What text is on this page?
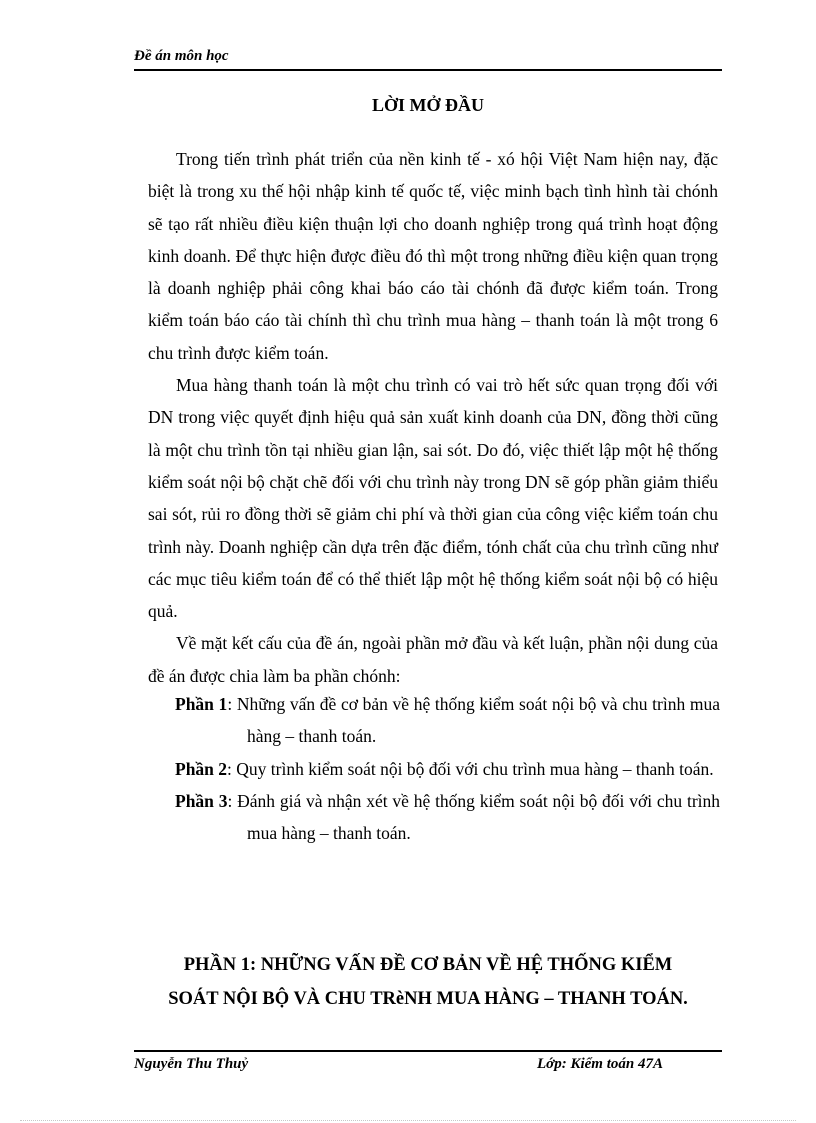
Đề án môn học
LỜI MỞ ĐẦU

Trong tiến trình phát triển của nền kinh tế - xó hội Việt Nam hiện nay, đặc biệt là trong xu thế hội nhập kinh tế quốc tế, việc minh bạch tình hình tài chónh sẽ tạo rất nhiều điều kiện thuận lợi cho doanh nghiệp trong quá trình hoạt động kinh doanh. Để thực hiện được điều đó thì một trong những điều kiện quan trọng là doanh nghiệp phải công khai báo cáo tài chónh đã được kiểm toán. Trong kiểm toán báo cáo tài chính thì chu trình mua hàng – thanh toán là một trong 6 chu trình được kiểm toán.

Mua hàng thanh toán là một chu trình có vai trò hết sức quan trọng đối với DN trong việc quyết định hiệu quả sản xuất kinh doanh của DN, đồng thời cũng là một chu trình tồn tại nhiều gian lận, sai sót. Do đó, việc thiết lập một hệ thống kiểm soát nội bộ chặt chẽ đối với chu trình này trong DN sẽ góp phần giảm thiểu sai sót, rủi ro đồng thời sẽ giảm chi phí và thời gian của công việc kiểm toán chu trình này. Doanh nghiệp cần dựa trên đặc điểm, tónh chất của chu trình cũng như các mục tiêu kiểm toán để có thể thiết lập một hệ thống kiểm soát nội bộ có hiệu quả.

Về mặt kết cấu của đề án, ngoài phần mở đầu và kết luận, phần nội dung của đề án được chia làm ba phần chónh:

Phần 1: Những vấn đề cơ bản về hệ thống kiểm soát nội bộ và chu trình mua hàng – thanh toán.
Phần 2: Quy trình kiểm soát nội bộ đối với chu trình mua hàng – thanh toán.
Phần 3: Đánh giá và nhận xét về hệ thống kiểm soát nội bộ đối với chu trình mua hàng – thanh toán.
PHẦN 1: NHỮNG VẤN ĐỀ CƠ BẢN VỀ HỆ THỐNG KIỂM
SOÁT NỘI BỘ VÀ CHU TRèNH MUA HÀNG – THANH TOÁN.
Nguyễn Thu Thuỷ	Lớp: Kiểm toán 47A
